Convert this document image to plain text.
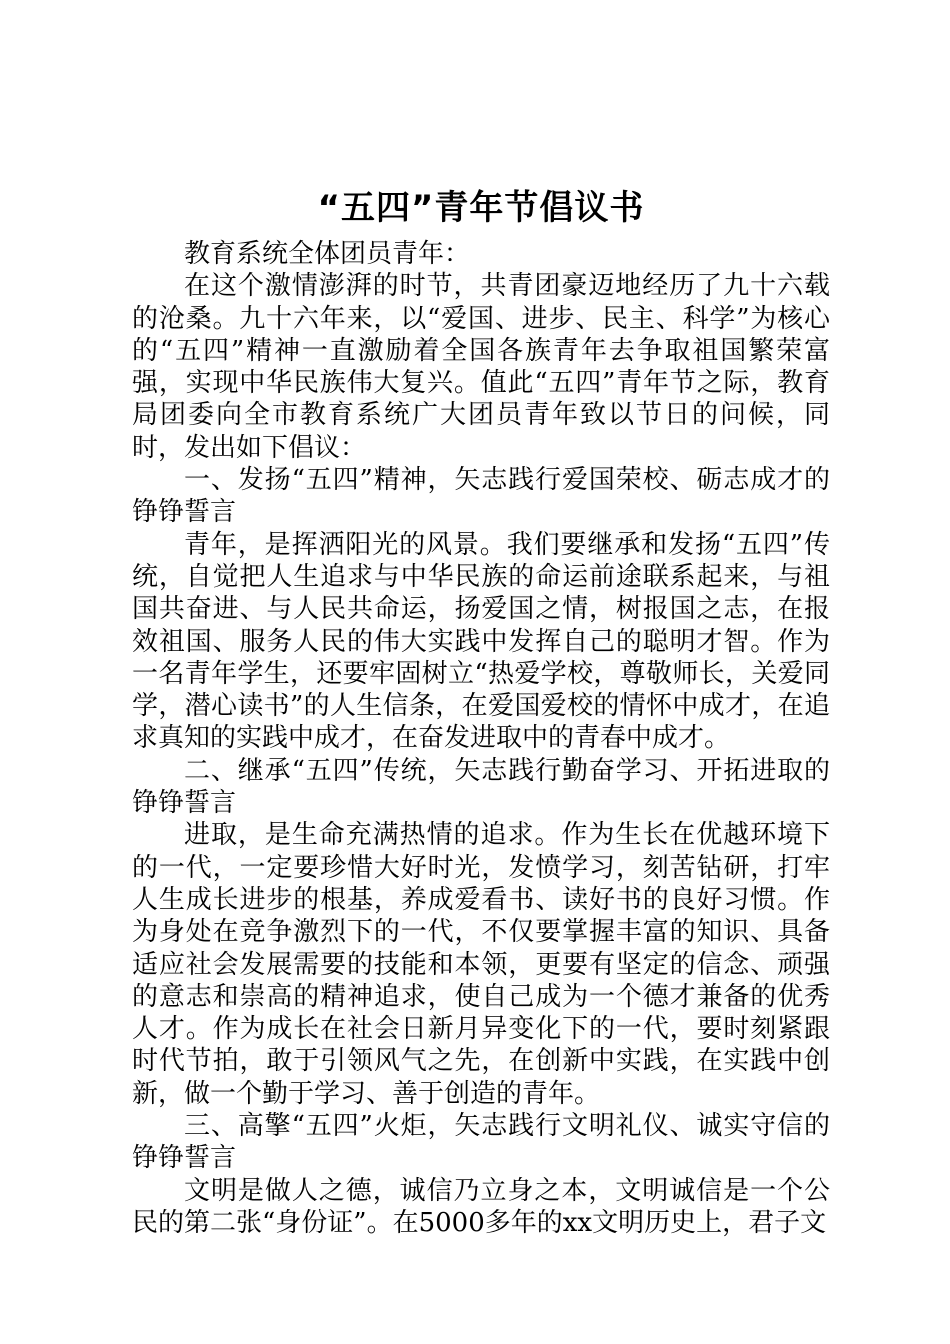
“五四”青年节倡议书

教育系统全体团员青年：

在这个激情澎湃的时节，共青团豪迈地经历了九十六载的沧桑。九十六年来，以“爱国、进步、民主、科学”为核心的“五四”精神一直激励着全国各族青年去争取祖国繁荣富强，实现中华民族伟大复兴。值此“五四”青年节之际，教育局团委向全市教育系统广大团员青年致以节日的问候，同时，发出如下倡议：

一、发扬“五四”精神，矢志践行爱国荣校、砺志成才的铮铮誓言

青年，是挥洒阳光的风景。我们要继承和发扬“五四”传统，自觉把人生追求与中华民族的命运前途联系起来，与祖国共奋进、与人民共命运，扬爱国之情，树报国之志，在报效祖国、服务人民的伟大实践中发挥自己的聪明才智。作为一名青年学生，还要牢固树立“热爱学校，尊敬师长，关爱同学，潜心读书”的人生信条，在爱国爱校的情怀中成才，在追求真知的实践中成才，在奋发进取中的青春中成才。

二、继承“五四”传统，矢志践行勤奋学习、开拓进取的铮铮誓言

进取，是生命充满热情的追求。作为生长在优越环境下的一代，一定要珍惜大好时光，发愤学习，刻苦钻研，打牢人生成长进步的根基，养成爱看书、读好书的良好习惯。作为身处在竞争激烈下的一代，不仅要掌握丰富的知识、具备适应社会发展需要的技能和本领，更要有坚定的信念、顽强的意志和崇高的精神追求，使自己成为一个德才兼备的优秀人才。作为成长在社会日新月异变化下的一代，要时刻紧跟时代节拍，敢于引领风气之先，在创新中实践，在实践中创新，做一个勤于学习、善于创造的青年。

三、高擎“五四”火炬，矢志践行文明礼仪、诚实守信的铮铮誓言

文明是做人之德，诚信乃立身之本，文明诚信是一个公民的第二张“身份证”。在5000多年的xx文明历史上，君子文
